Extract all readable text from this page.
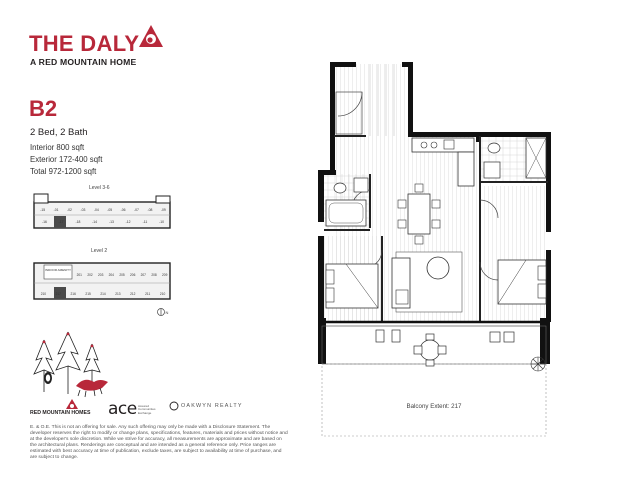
THE DALY
A RED MOUNTAIN HOME
B2
2 Bed, 2 Bath
Interior 800 sqft
Exterior 172-400 sqft
Total 972-1200 sqft
Level 3-6
-15 -01 -02 -03 -04 -05 -06 -07 -08 -09
-16	-17	-18	-14	-13	-12	-11	-10
Level 2
INDOOR AMENITY
201 202 203 204 205 206 207 208 209
210	217	216	215	214	213	212	211	210
N
RED MOUNTAIN HOMES ace Assured Communities Exchange
OAKWYN REALTY
E. & O.E. This is not an offering for sale. Any such offering may only be made with a Disclosure Statement. The developer reserves the right to modify or change plans, specifications, features, materials and prices without notice and at the developer's sole discretion. While we strive for accuracy, all measurements are approximate and are based on the architectural plans. Renderings are conceptual and are intended as a general reference only. Price ranges are estimated with best accuracy at time of publication, exclude taxes, are subject to availability at time of purchase, and are subject to change.
Balcony Extent: 217
